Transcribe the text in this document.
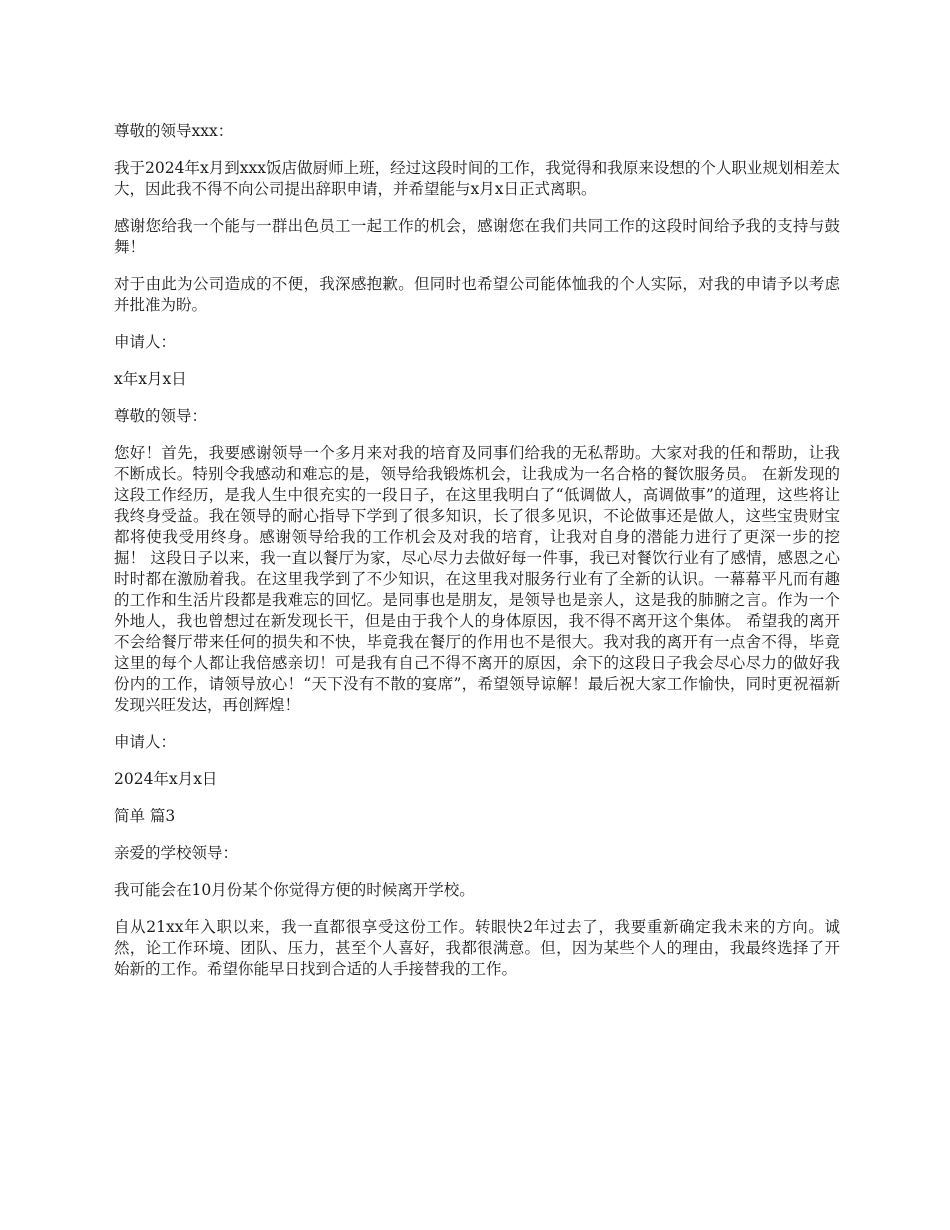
尊敬的领导xxx：

我于2024年x月到xxx饭店做厨师上班，经过这段时间的工作，我觉得和我原来设想的个人职业规划相差太大，因此我不得不向公司提出辞职申请，并希望能与x月x日正式离职。

感谢您给我一个能与一群出色员工一起工作的机会，感谢您在我们共同工作的这段时间给予我的支持与鼓舞！

对于由此为公司造成的不便，我深感抱歉。但同时也希望公司能体恤我的个人实际，对我的申请予以考虑并批准为盼。

申请人：

x年x月x日

尊敬的领导：

您好！首先，我要感谢领导一个多月来对我的培育及同事们给我的无私帮助。大家对我的任和帮助，让我不断成长。特别令我感动和难忘的是，领导给我锻炼机会，让我成为一名合格的餐饮服务员。 在新发现的这段工作经历，是我人生中很充实的一段日子，在这里我明白了“低调做人，高调做事”的道理，这些将让我终身受益。我在领导的耐心指导下学到了很多知识，长了很多见识，不论做事还是做人，这些宝贵财宝都将使我受用终身。感谢领导给我的工作机会及对我的培育，让我对自身的潜能力进行了更深一步的挖掘！ 这段日子以来，我一直以餐厅为家，尽心尽力去做好每一件事，我已对餐饮行业有了感情，感恩之心时时都在激励着我。在这里我学到了不少知识，在这里我对服务行业有了全新的认识。一幕幕平凡而有趣的工作和生活片段都是我难忘的回忆。是同事也是朋友，是领导也是亲人，这是我的肺腑之言。作为一个外地人，我也曾想过在新发现长干，但是由于我个人的身体原因，我不得不离开这个集体。 希望我的离开不会给餐厅带来任何的损失和不快，毕竟我在餐厅的作用也不是很大。我对我的离开有一点舍不得，毕竟这里的每个人都让我倍感亲切！可是我有自己不得不离开的原因，余下的这段日子我会尽心尽力的做好我份内的工作，请领导放心！“天下没有不散的宴席”，希望领导谅解！最后祝大家工作愉快，同时更祝福新发现兴旺发达，再创辉煌！

申请人：

2024年x月x日

简单 篇3

亲爱的学校领导：

我可能会在10月份某个你觉得方便的时候离开学校。

自从21xx年入职以来，我一直都很享受这份工作。转眼快2年过去了，我要重新确定我未来的方向。诚然，论工作环境、团队、压力，甚至个人喜好，我都很满意。但，因为某些个人的理由，我最终选择了开始新的工作。希望你能早日找到合适的人手接替我的工作。
